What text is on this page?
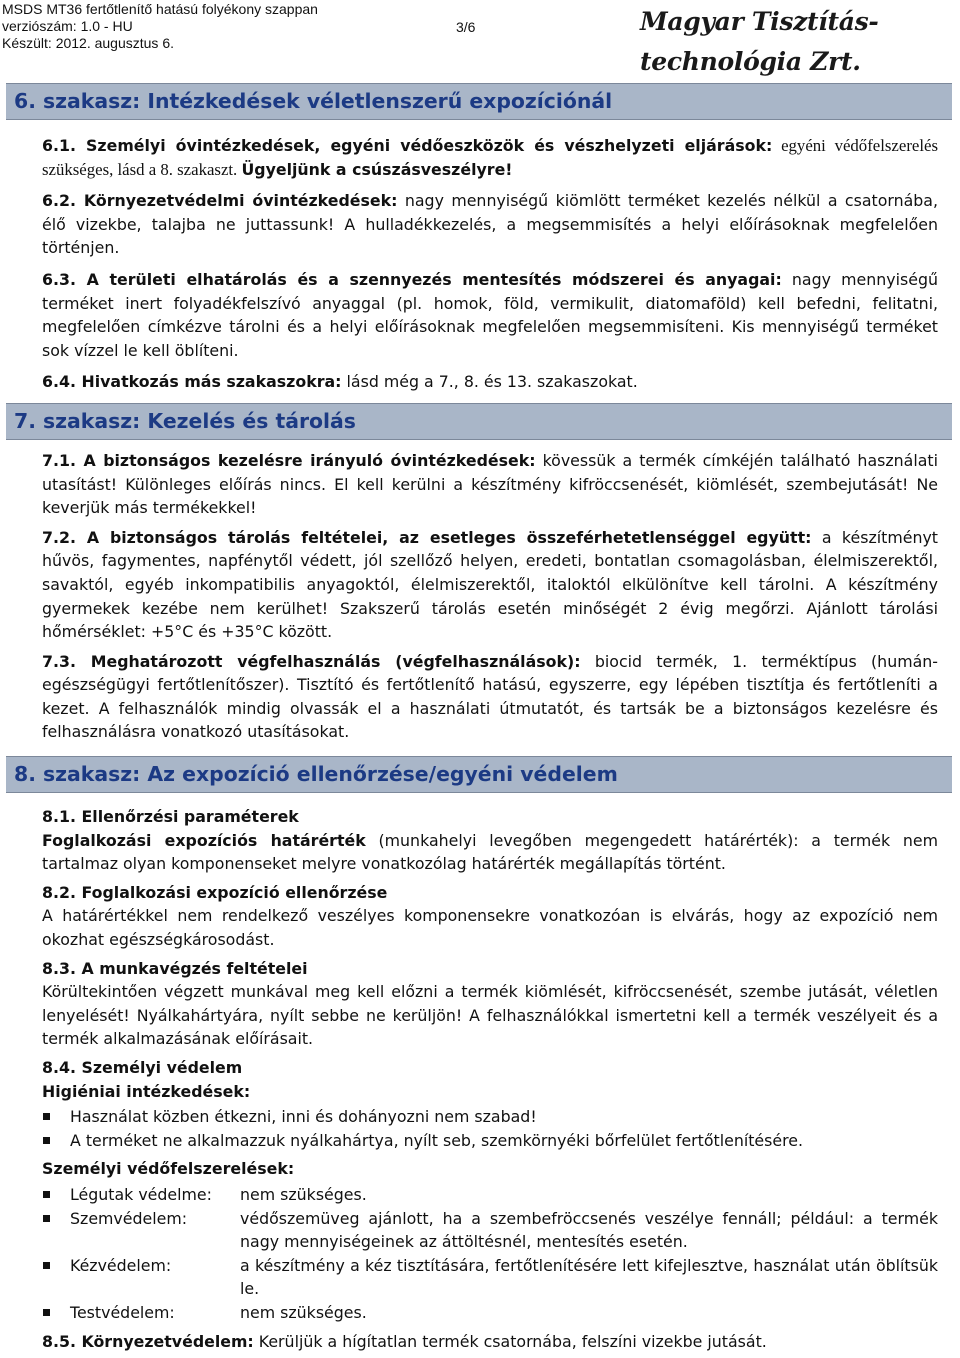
MSDS MT36 fertőtlenítő hatású folyékony szappan
verziószám: 1.0 - HU
Készült: 2012. augusztus 6.
3/6	Magyar Tisztítás-technológia Zrt.
6. szakasz: Intézkedések véletlenszerű expozíciónál
6.1. Személyi óvintézkedések, egyéni védőeszközök és vészhelyzeti eljárások: egyéni védőfelszerelés szükséges, lásd a 8. szakaszt. Ügyeljünk a csúszásveszélyre!
6.2. Környezetvédelmi óvintézkedések: nagy mennyiségű kiömlött terméket kezelés nélkül a csatornába, élő vizekbe, talajba ne juttassunk! A hulladékkezelés, a megsemmisítés a helyi előírásoknak megfelelően történjen.
6.3. A területi elhatárolás és a szennyezés mentesítés módszerei és anyagai: nagy mennyiségű terméket inert folyadékfelszívó anyaggal (pl. homok, föld, vermikulit, diatomaföld) kell befedni, felitatni, megfelelően címkézve tárolni és a helyi előírásoknak megfelelően megsemmisíteni. Kis mennyiségű terméket sok vízzel le kell öblíteni.
6.4. Hivatkozás más szakaszokra: lásd még a 7., 8. és 13. szakaszokat.
7. szakasz: Kezelés és tárolás
7.1. A biztonságos kezelésre irányuló óvintézkedések: kövessük a termék címkéjén található használati utasítást! Különleges előírás nincs. El kell kerülni a készítmény kifröccsenését, kiömlését, szembejutását! Ne keverjük más termékekkel!
7.2. A biztonságos tárolás feltételei, az esetleges összeférhetetlenséggel együtt: a készítményt hűvös, fagymentes, napfénytől védett, jól szellőző helyen, eredeti, bontatlan csomagolásban, élelmiszerektől, savaktól, egyéb inkompatibilis anyagoktól, élelmiszerektől, italoktól elkülönítve kell tárolni. A készítmény gyermekek kezébe nem kerülhet! Szakszerű tárolás esetén minőségét 2 évig megőrzi. Ajánlott tárolási hőmérséklet: +5°C és +35°C között.
7.3. Meghatározott végfelhasználás (végfelhasználások): biocid termék, 1. terméktípus (humán-egészségügyi fertőtlenítőszer). Tisztító és fertőtlenítő hatású, egyszerre, egy lépében tisztítja és fertőtleníti a kezet. A felhasználók mindig olvassák el a használati útmutatót, és tartsák be a biztonságos kezelésre és felhasználásra vonatkozó utasításokat.
8. szakasz: Az expozíció ellenőrzése/egyéni védelem
8.1. Ellenőrzési paraméterek
Foglalkozási expozíciós határérték (munkahelyi levegőben megengedett határérték): a termék nem tartalmaz olyan komponenseket melyre vonatkozólag határérték megállapítás történt.
8.2. Foglalkozási expozíció ellenőrzése
A határértékkel nem rendelkező veszélyes komponensekre vonatkozóan is elvárás, hogy az expozíció nem okozhat egészségkárosodást.
8.3. A munkavégzés feltételei
Körültekintően végzett munkával meg kell előzni a termék kiömlését, kifröccsenését, szembe jutását, véletlen lenyelését! Nyálkahártyára, nyílt sebbe ne kerüljön! A felhasználókkal ismertetni kell a termék veszélyeit és a termék alkalmazásának előírásait.
8.4. Személyi védelem
Higiéniai intézkedések:
Használat közben étkezni, inni és dohányozni nem szabad!
A terméket ne alkalmazzuk nyálkahártya, nyílt seb, szemkörnyéki bőrfelület fertőtlenítésére.
Személyi védőfelszerelések:
Légutak védelme:	nem szükséges.
Szemvédelem:	védőszemüveg ajánlott, ha a szembefröccsenés veszélye fennáll; például: a termék nagy mennyiségeinek az áttöltésnél, mentesítés esetén.
Kézvédelem:	a készítmény a kéz tisztítására, fertőtlenítésére lett kifejlesztve, használat után öblítsük le.
Testvédelem:	nem szükséges.
8.5. Környezetvédelem: Kerüljük a hígítatlan termék csatornába, felszíni vizekbe jutását.
